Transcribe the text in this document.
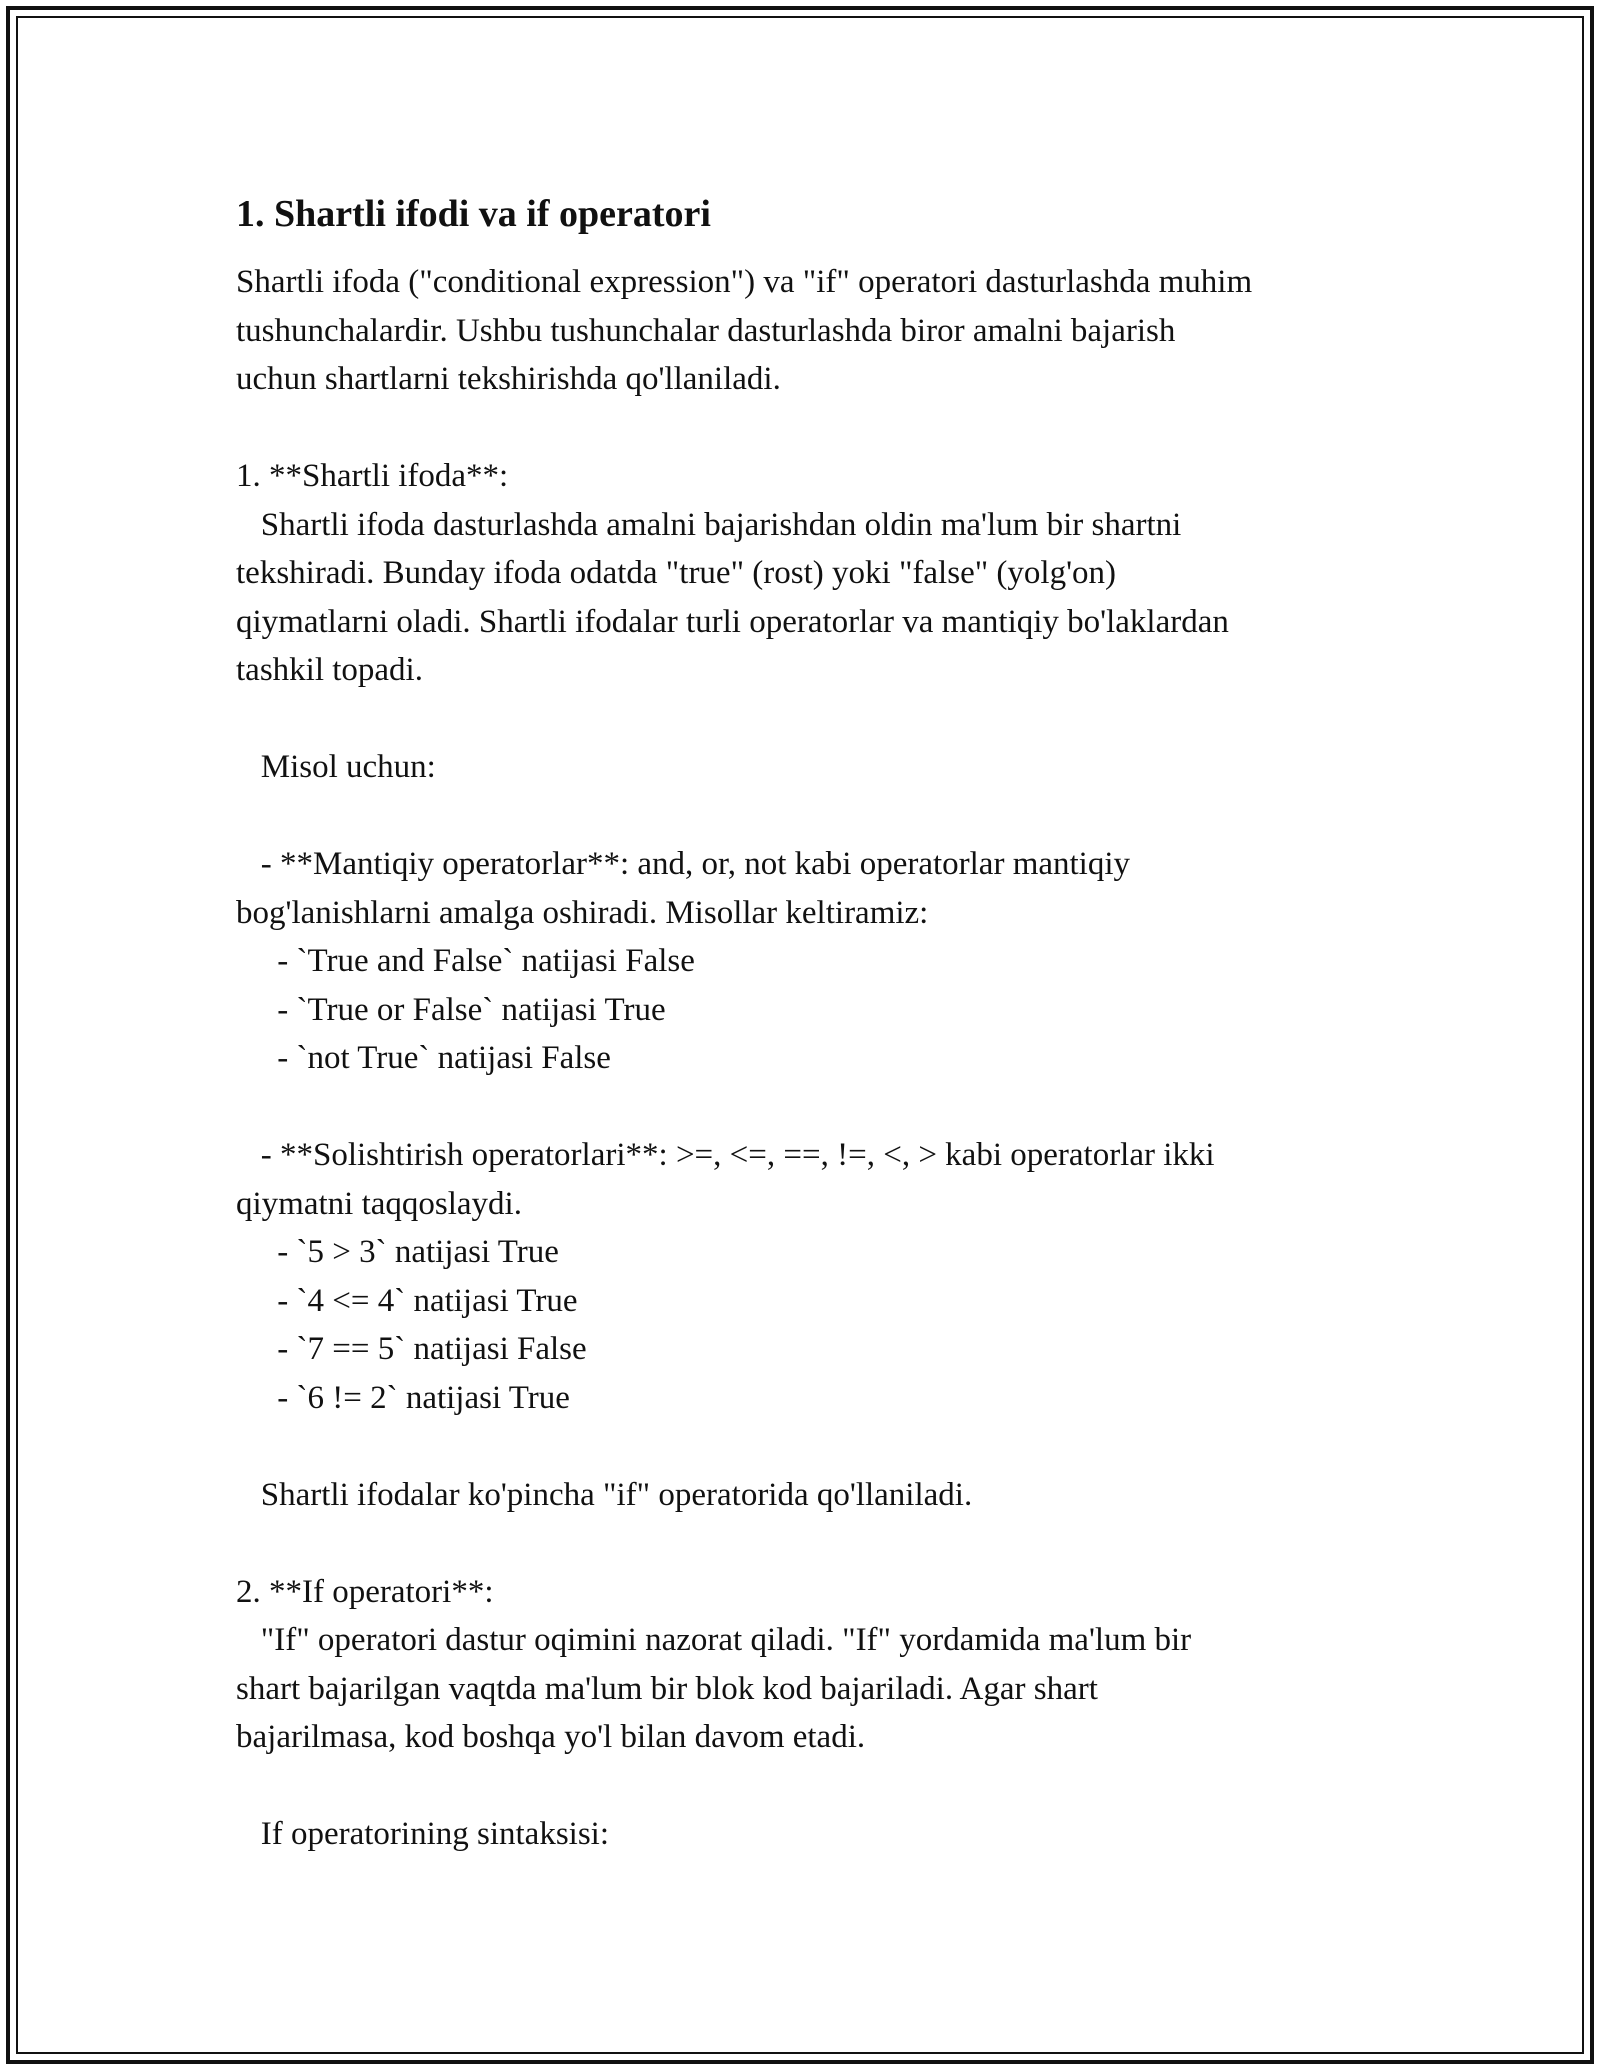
1. Shartli ifodi va if operatori

Shartli ifoda ("conditional expression") va "if" operatori dasturlashda muhim

tushunchalardir. Ushbu tushunchalar dasturlashda biror amalni bajarish

uchun shartlarni tekshirishda qo'llaniladi.

1. **Shartli ifoda**:

Shartli ifoda dasturlashda amalni bajarishdan oldin ma'lum bir shartni

tekshiradi. Bunday ifoda odatda "true" (rost) yoki "false" (yolg'on)

qiymatlarni oladi. Shartli ifodalar turli operatorlar va mantiqiy bo'laklardan

tashkil topadi.

Misol uchun:

- **Mantiqiy operatorlar**: and, or, not kabi operatorlar mantiqiy

bog'lanishlarni amalga oshiradi. Misollar keltiramiz:

- `True and False` natijasi False

- `True or False` natijasi True

- `not True` natijasi False

- **Solishtirish operatorlari**: >=, <=, ==, !=, <, > kabi operatorlar ikki

qiymatni taqqoslaydi.

- `5 > 3` natijasi True

- `4 <= 4` natijasi True

- `7 == 5` natijasi False

- `6 != 2` natijasi True

Shartli ifodalar ko'pincha "if" operatorida qo'llaniladi.

2. **If operatori**:

"If" operatori dastur oqimini nazorat qiladi. "If" yordamida ma'lum bir

shart bajarilgan vaqtda ma'lum bir blok kod bajariladi. Agar shart

bajarilmasa, kod boshqa yo'l bilan davom etadi.

If operatorining sintaksisi:
